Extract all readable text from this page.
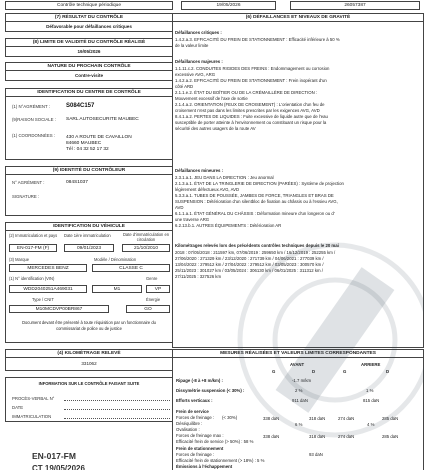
Contrôle technique périodique	19/05/2026	26057387
(7) RÉSULTAT DU CONTRÔLE
Défavorable pour défaillances critiques
(8) LIMITE DE VALIDITÉ DU CONTRÔLE RÉALISÉ
19/05/2026
NATURE DU PROCHAIN CONTRÔLE
Contre-visite
IDENTIFICATION DU CENTRE DE CONTRÔLE
(1) N°AGRÉMENT :	S084C157
(9)RAISON SOCIALE : SARL AUTOSECURITE MAUBEC
(1) COORDONNÉES : 430 A ROUTE DE CAVAILLON
84660 MAUBEC
Tél : 04 32 52 17 32
(9) IDENTITÉ DU CONTRÔLEUR
N° AGRÉMENT :	084S1037
SIGNATURE :
IDENTIFICATION DU VÉHICULE
(2) Immatriculation et pays Date 1ère immatriculation	Date d'immatriculation en circulation
EN-017-FM (F)	09/01/2023	21/10/2010
(3) Marque	Modèle / Dénomination
MERCEDES BENZ	CLASSE C
(1) N° identification (VIN)	Genre
WDD2040251A469031	M1	VP
Type / CNIT	Énergie
M10MCDVP00BR867	GO
Document devant être présenté à toute réquisition par un fonctionnaire du commissariat de police ou de justice
(4) KILOMÉTRAGE RELEVÉ
331062
INFORMATION SUR LE CONTRÔLE FAISANT SUITE
PROCÈS-VERBAL N°
DATE
IMMATRICULATION
EN-017-FM
CT 19/05/2026
(6) DÉFAILLANCES ET NIVEAUX DE GRAVITÉ
Défaillances critiques :
1.4.2.a.3. EFFICACITÉ DU FREIN DE STATIONNEMENT : Efficacité inférieure à 50 %
de la valeur limite
Défaillances majeures :
1.1.11.c.2. CONDUITES RIGIDES DES FREINS : Endommagement ou corrosion
excessive AVG, ARG
1.4.2.a.2. EFFICACITÉ DU FREIN DE STATIONNEMENT : Frein inopérant d'un
côté ARD
2.1.1.e.2. ÉTAT DU BOÎTIER OU DE LA CRÉMAILLÈRE DE DIRECTION :
Mouvement excessif de l'axe de sortie
2.1.4.a.2. ORIENTATION (FEUX DE CROISEMENT) : L'orientation d'un feu de
croisement n'est pas dans les limites prescrites par les exigences AVG, AVD
8.4.1.a.2. PERTES DE LIQUIDES : Fuite excessive de liquide autre que de l'eau
susceptible de porter atteinte à l'environnement ou constituant un risque pour la
sécurité des autres usagers de la route AV
Défaillances mineures :
2.3.1.a.1. JEU DANS LA DIRECTION : Jeu anormal
2.1.3.a.1. ÉTAT DE LA TRINGLERIE DE DIRECTION (PARÉES) : Système de projection
légèrement défectueux AVG, AVD
5.3.3.a.1. TUBES DE POUSSÉE, JAMBES DE FORCE, TRIANGLES ET BRAS DE
SUSPENSION : Détérioration d'un silentbloc de fixation au châssis ou à l'essieu AVG,
AVD
6.1.1.a.1. ÉTAT GÉNÉRAL DU CHÂSSIS : Déformation mineure d'un longeron ou d'
une traverse ARG
6.2.13.b.1. AUTRES ÉQUIPEMENTS : Détérioration AR
Kilométrages relevés lors des précédents contrôles techniques depuis le 20 mai
2018 : 07/05/2018 : 211597 km, 07/06/2019 : 259650 km / 16/12/2019 : 252255 km /
27/06/2020 : 271329 km / 23/12/2020 : 271739 km / 04/06/2021 : 277039 km /
13/04/2022 : 279512 km / 27/04/2022 : 279512 km / 03/05/2023 : 300570 km /
25/11/2023 : 301027 km / 03/05/2024 : 306130 km / 06/01/2025 : 311312 km /
27/11/2025 : 327526 km
MESURES RÉALISÉES ET VALEURS LIMITES CORRESPONDANTES
AVANT	ARRIERE
G	D	G	D
Ripage (-8 à +8 m/km) :	-1.7 m/km
Dissymétrie suspension (< 30%) :	2 %	1 %
Efforts verticaux :	911 daN	815 daN
Frein de service
Forces de freinage : (< 30%)	338 daN	318 daN	274 daN	285 daN
Déséquilibre :	6 %	4 %
Ovalisation :
Forces de freinage max :	338 daN	318 daN	274 daN	285 daN
Efficacité frein de service (> 50%) : 58 %
Frein de stationnement
Forces de freinage :	93 daN
Efficacité frein de stationnement (> 18%) : 5 %
Émissions à l'échappement
